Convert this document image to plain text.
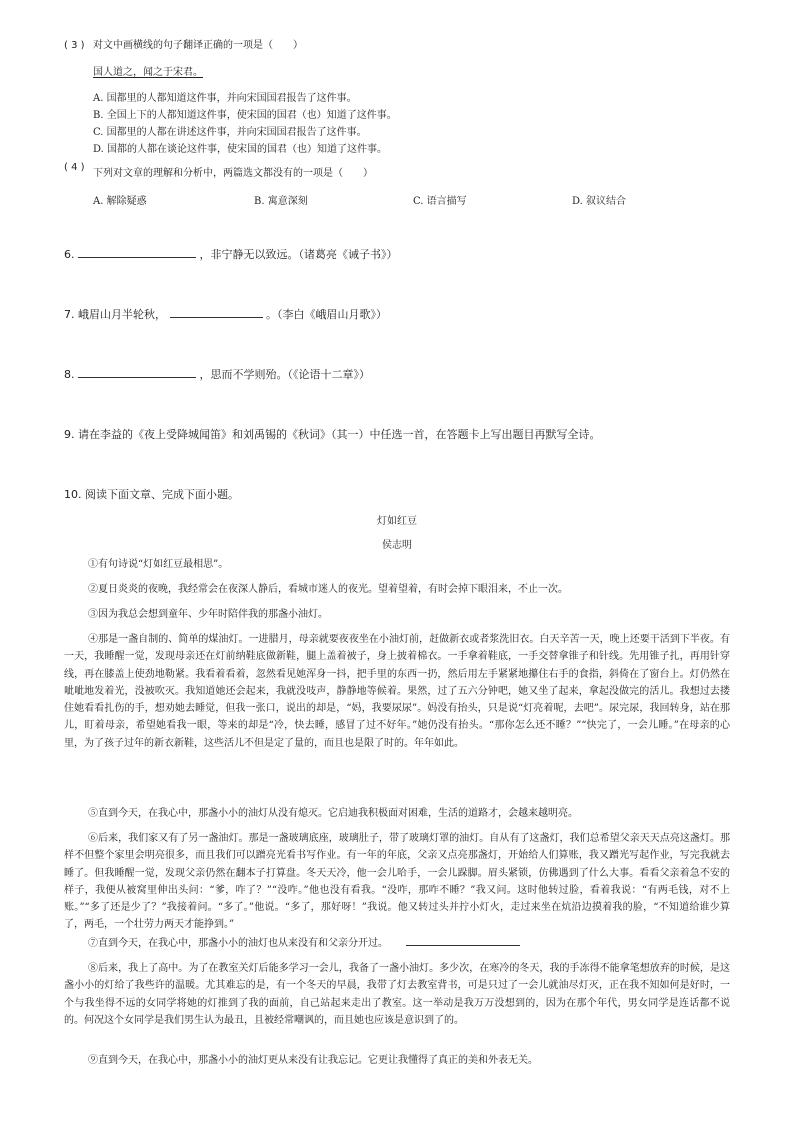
( 3 ) 对文中画横线的句子翻译正确的一项是（　　）
国人道之，闻之于宋君。
A. 国都里的人都知道这件事，并向宋国国君报告了这件事。
B. 全国上下的人都知道这件事，使宋国的国君（也）知道了这件事。
C. 国都里的人都在讲述这件事，并向宋国国君报告了这件事。
D. 国都的人都在谈论这件事，使宋国的国君（也）知道了这件事。
( 4 )
下列对文章的理解和分析中，两篇选文都没有的一项是（　　）
A. 解除疑惑	B. 寓意深刻	C. 语言描写	D. 叙议结合
6.	，非宁静无以致远。（诸葛亮《诫子书》）
7. 峨眉山月半轮秋，	。（李白《峨眉山月歌》）
8.	，思而不学则殆。（《论语十二章》）
9. 请在李益的《夜上受降城闻笛》和刘禹锡的《秋词》（其一）中任选一首，在答题卡上写出题目再默写全诗。
10. 阅读下面文章、完成下面小题。
灯如红豆
侯志明
①有句诗说“灯如红豆最相思”。
②夏日炎炎的夜晚，我经常会在夜深人静后，看城市迷人的夜光。望着望着，有时会掉下眼泪来，不止一次。
③因为我总会想到童年、少年时陪伴我的那盏小油灯。
④那是一盏自制的、简单的煤油灯。一进腊月，母亲就要夜夜坐在小油灯前，赶做新衣或者浆洗旧衣。白天辛苦一天，晚上还要干活到下半夜。有一天，我睡醒一觉，发现母亲还在灯前纳鞋底做新鞋，腿上盖着被子，身上披着棉衣。一手拿着鞋底，一手交替拿锥子和针线。先用锥子扎，再用针穿线，再在膝盖上使劲地勒紧。我看着看着，忽然看见她浑身一抖，把手里的东西一扔，然后用左手紧紧地攥住右手的食指，斜倚在了窗台上。灯仍然在呲呲地发着光，没被吹灭。我知道她还会起来，我就没吱声，静静地等候着。果然，过了五六分钟吧，她又坐了起来，拿起没做完的活儿。我想过去搂住她看看扎伤的手，想劝她去睡觉，但我一张口，说出的却是，“妈，我要尿尿”。妈没有抬头，只是说“灯亮着呢，去吧”。尿完尿，我回转身，站在那儿，盯着母亲，希望她看我一眼，等来的却是“冷，快去睡，感冒了过不好年。”她仍没有抬头。“那你怎么还不睡？”“快完了，一会儿睡。”在母亲的心里，为了孩子过年的新衣新鞋，这些活儿不但是定了量的，而且也是限了时的。年年如此。
⑤直到今天，在我心中，那盏小小的油灯从没有熄灭。它启迪我积极面对困难，生活的道路才，会越来越明亮。
⑥后来，我们家又有了另一盏油灯。那是一盏玻璃底座，玻璃肚子，带了玻璃灯罩的油灯。自从有了这盏灯，我们总希望父亲天天点亮这盏灯。那样不但整个家里会明亮很多，而且我们可以蹭亮光看书写作业。有一年的年底，父亲又点亮那盏灯，开始给人们算账，我又蹭光写起作业，写完我就去睡了。但我睡醒一觉，发现父亲仍然在翻本子打算盘。冬天天冷，他一会儿哈手，一会儿跺脚。眉头紧锁，仿佛遇到了什么大事。看看父亲着急不安的样子，我便从被窝里伸出头问：“爹，咋了？”“没咋。”他也没有看我。“没咋，那咋不睡？”我又问。这时他转过脸，看着我说：“有两毛钱，对不上账。”“多了还是少了？”我接着问。“多了。”他说。“多了，那好呀！”我说。他又转过头并拧小灯火，走过来坐在炕沿边摸着我的脸，“不知道给谁少算了，两毛，一个壮劳力两天才能挣到。”
⑦直到今天，在我心中，那盏小小的油灯也从来没有和父亲分开过。
⑧后来，我上了高中。为了在教室关灯后能多学习一会儿，我备了一盏小油灯。多少次，在寒冷的冬天，我的手冻得不能拿笔想放弃的时候，是这盏小小的灯给了我些许的温暖。尤其难忘的是，有一个冬天的早晨，我带了灯去教室背书，可是只过了一会儿就油尽灯灭，正在我不知如何是好时，一个与我坐得不远的女同学将她的灯推到了我的面前，自己站起来走出了教室。这一举动是我万万没想到的，因为在那个年代，男女同学是连话都不说的。何况这个女同学是我们男生认为最丑，且被经常嘲讽的，而且她也应该是意识到了的。
⑨直到今天，在我心中，那盏小小的油灯更从来没有让我忘记。它更让我懂得了真正的美和外表无关。
